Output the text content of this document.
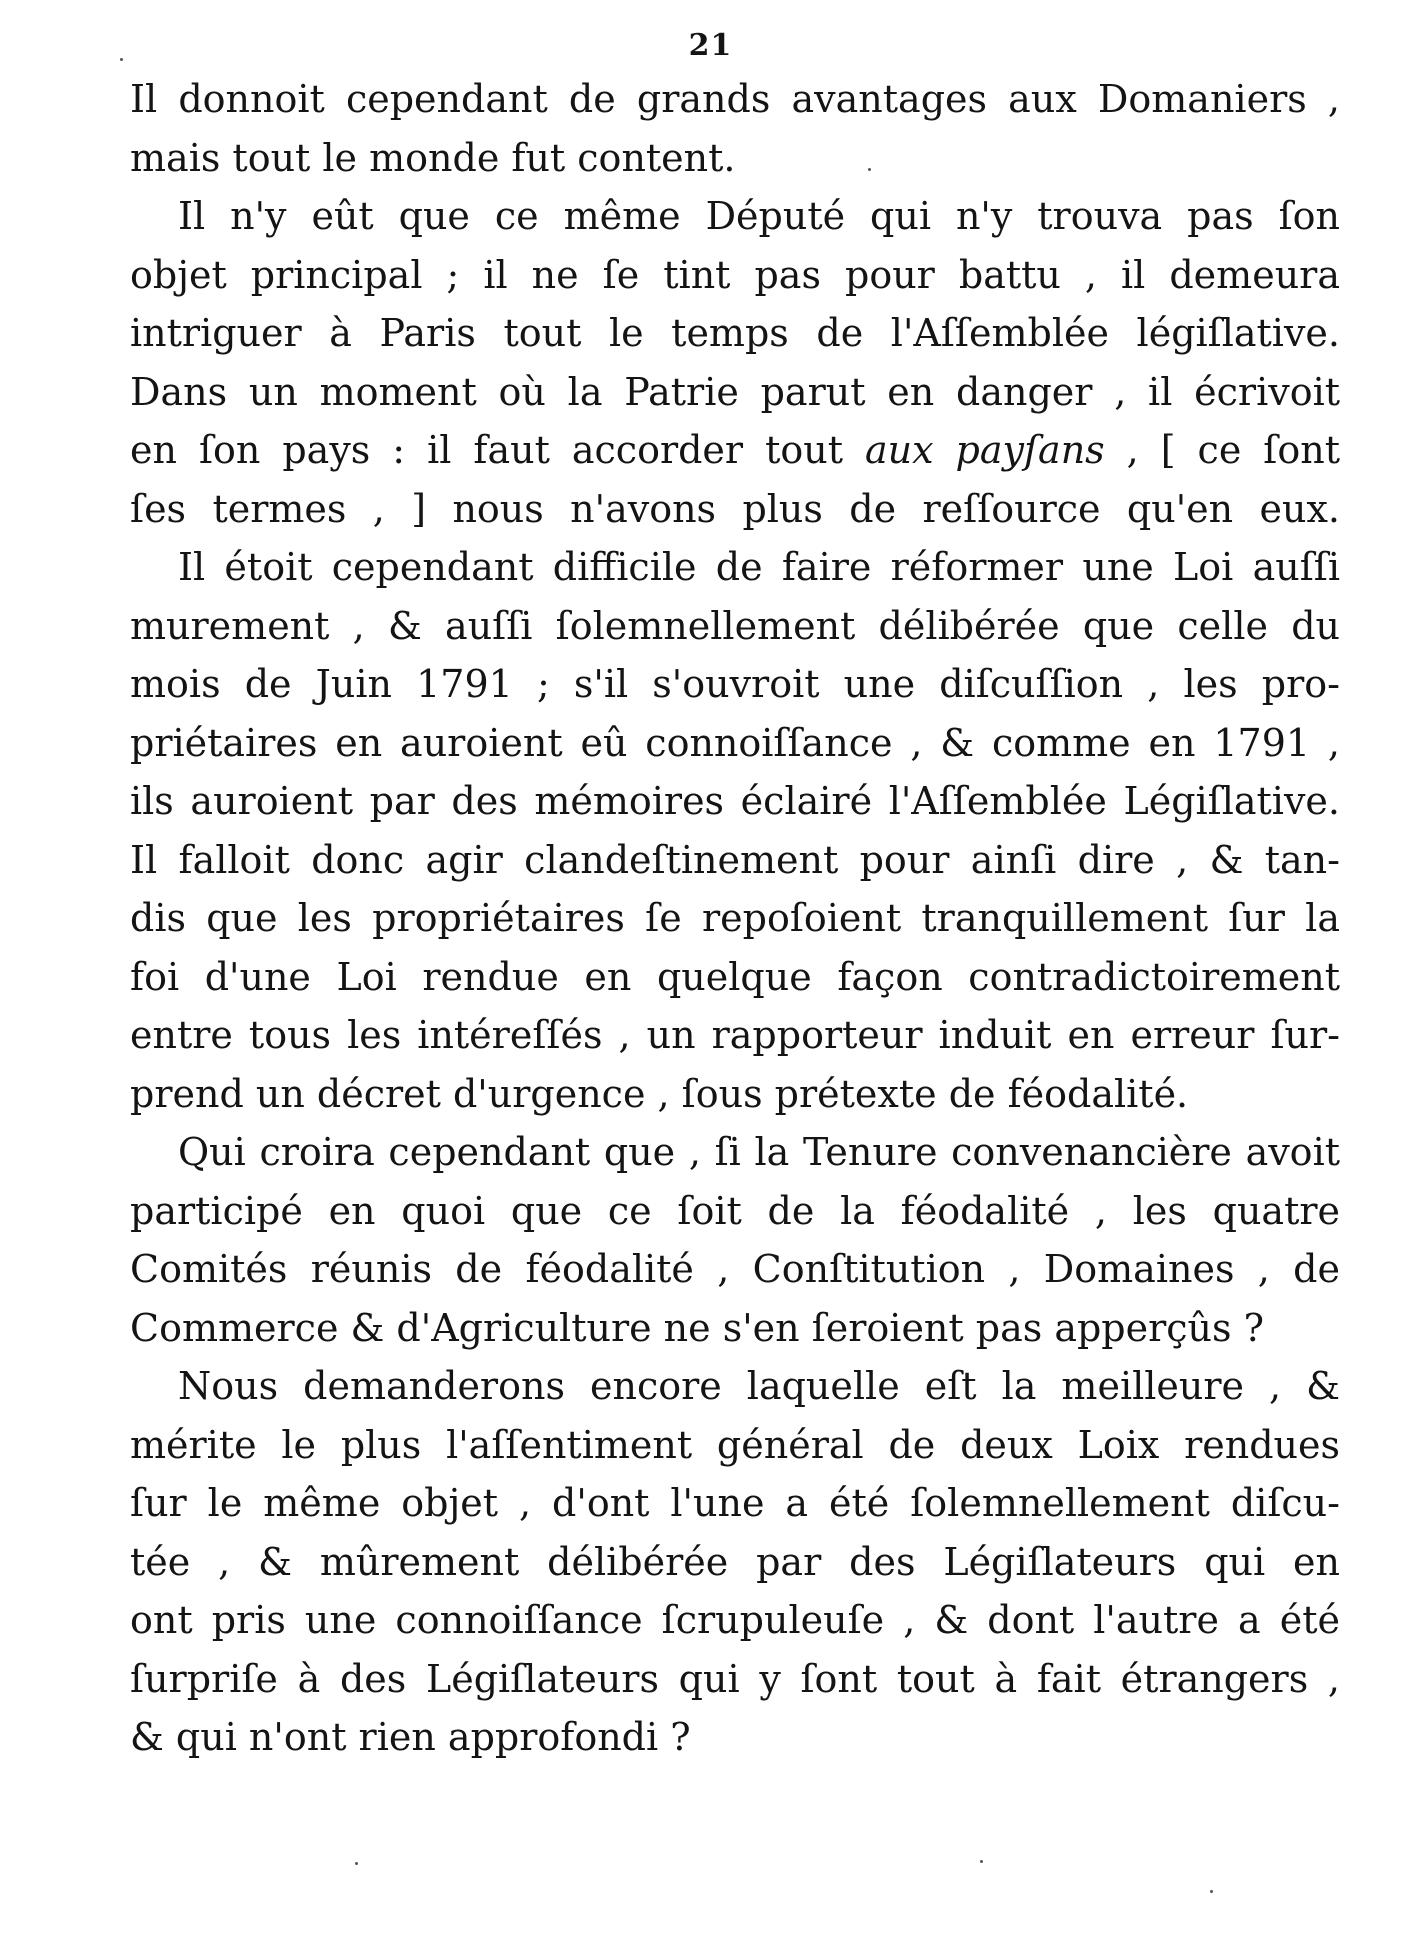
21
Il donnoit cependant de grands avantages aux Domaniers ,
mais tout le monde fut content.
Il n'y eût que ce même Député qui n'y trouva pas ſon
objet principal ; il ne ſe tint pas pour battu , il demeura
intriguer à Paris tout le temps de l'Aſſemblée légiſlative.
Dans un moment où la Patrie parut en danger , il écrivoit
en ſon pays : il faut accorder tout aux payſans , [ ce ſont
ſes termes , ] nous n'avons plus de reſſource qu'en eux.
Il étoit cependant difficile de faire réformer une Loi auſſi
murement , & auſſi ſolemnellement délibérée que celle du
mois de Juin 1791 ; s'il s'ouvroit une diſcuſſion , les pro-
priétaires en auroient eû connoiſſance , & comme en 1791 ,
ils auroient par des mémoires éclairé l'Aſſemblée Légiſlative.
Il falloit donc agir clandeſtinement pour ainſi dire , & tan-
dis que les propriétaires ſe repoſoient tranquillement ſur la
foi d'une Loi rendue en quelque façon contradictoirement
entre tous les intéreſſés , un rapporteur induit en erreur ſur-
prend un décret d'urgence , ſous prétexte de féodalité.
Qui croira cependant que , ſi la Tenure convenancière avoit
participé en quoi que ce ſoit de la féodalité , les quatre
Comités réunis de féodalité , Conſtitution , Domaines , de
Commerce & d'Agriculture ne s'en ſeroient pas apperçûs ?
Nous demanderons encore laquelle eſt la meilleure , &
mérite le plus l'aſſentiment général de deux Loix rendues
ſur le même objet , d'ont l'une a été ſolemnellement diſcu-
tée , & mûrement délibérée par des Légiſlateurs qui en
ont pris une connoiſſance ſcrupuleuſe , & dont l'autre a été
ſurpriſe à des Légiſlateurs qui y ſont tout à fait étrangers ,
& qui n'ont rien approfondi ?
